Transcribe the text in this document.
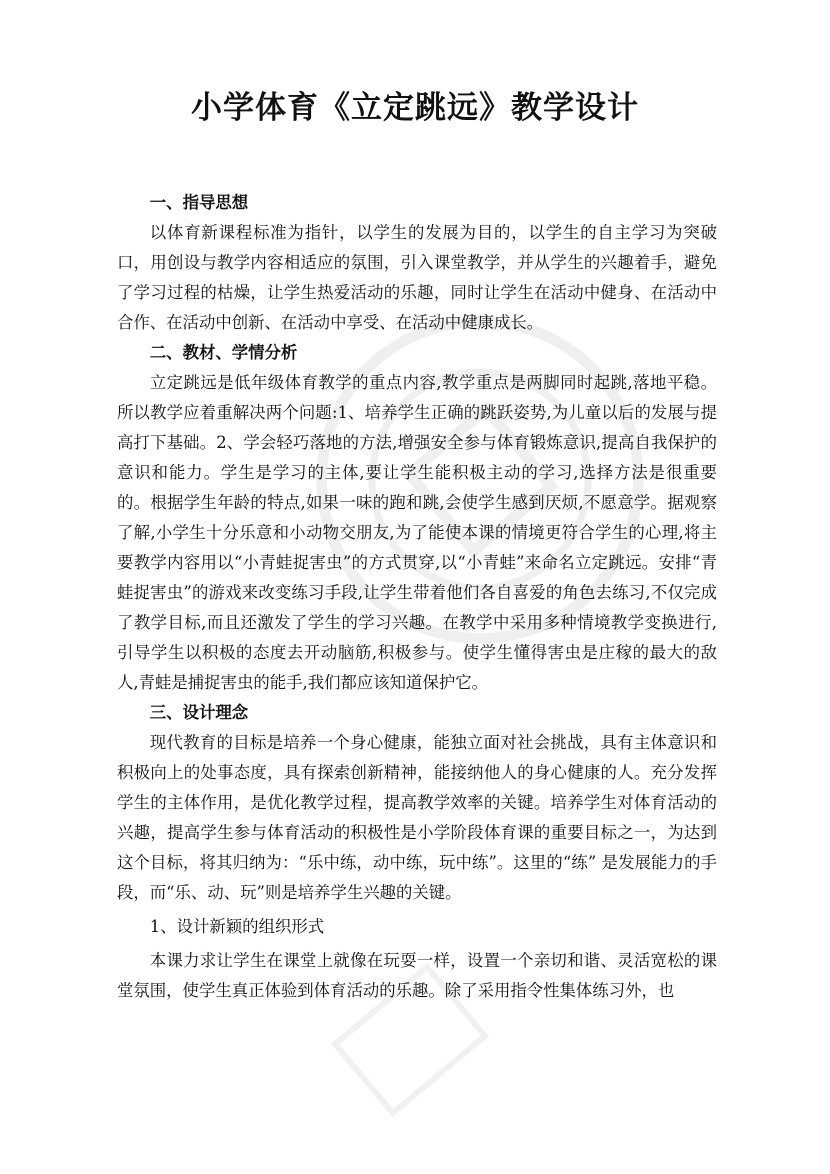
小学体育《立定跳远》教学设计
一、指导思想

以体育新课程标准为指针，以学生的发展为目的，以学生的自主学习为突破口，用创设与教学内容相适应的氛围，引入课堂教学，并从学生的兴趣着手，避免了学习过程的枯燥，让学生热爱活动的乐趣，同时让学生在活动中健身、在活动中合作、在活动中创新、在活动中享受、在活动中健康成长。

二、教材、学情分析

立定跳远是低年级体育教学的重点内容,教学重点是两脚同时起跳,落地平稳。所以教学应着重解决两个问题:1、培养学生正确的跳跃姿势,为儿童以后的发展与提高打下基础。2、学会轻巧落地的方法,增强安全参与体育锻炼意识,提高自我保护的意识和能力。学生是学习的主体,要让学生能积极主动的学习,选择方法是很重要的。根据学生年龄的特点,如果一味的跑和跳,会使学生感到厌烦,不愿意学。据观察了解,小学生十分乐意和小动物交朋友,为了能使本课的情境更符合学生的心理,将主要教学内容用以“小青蛙捉害虫”的方式贯穿,以“小青蛙”来命名立定跳远。安排“青蛙捉害虫”的游戏来改变练习手段,让学生带着他们各自喜爱的角色去练习,不仅完成了教学目标,而且还激发了学生的学习兴趣。在教学中采用多种情境教学变换进行,引导学生以积极的态度去开动脑筋,积极参与。使学生懂得害虫是庄稼的最大的敌人,青蛙是捕捉害虫的能手,我们都应该知道保护它。

三、设计理念

现代教育的目标是培养一个身心健康，能独立面对社会挑战，具有主体意识和积极向上的处事态度，具有探索创新精神，能接纳他人的身心健康的人。充分发挥学生的主体作用，是优化教学过程，提高教学效率的关键。培养学生对体育活动的兴趣，提高学生参与体育活动的积极性是小学阶段体育课的重要目标之一，为达到这个目标，将其归纳为：“乐中练，动中练，玩中练”。这里的“练” 是发展能力的手段，而“乐、动、玩”则是培养学生兴趣的关键。

1、设计新颖的组织形式

本课力求让学生在课堂上就像在玩耍一样，设置一个亲切和谐、灵活宽松的课堂氛围，使学生真正体验到体育活动的乐趣。除了采用指令性集体练习外，也
